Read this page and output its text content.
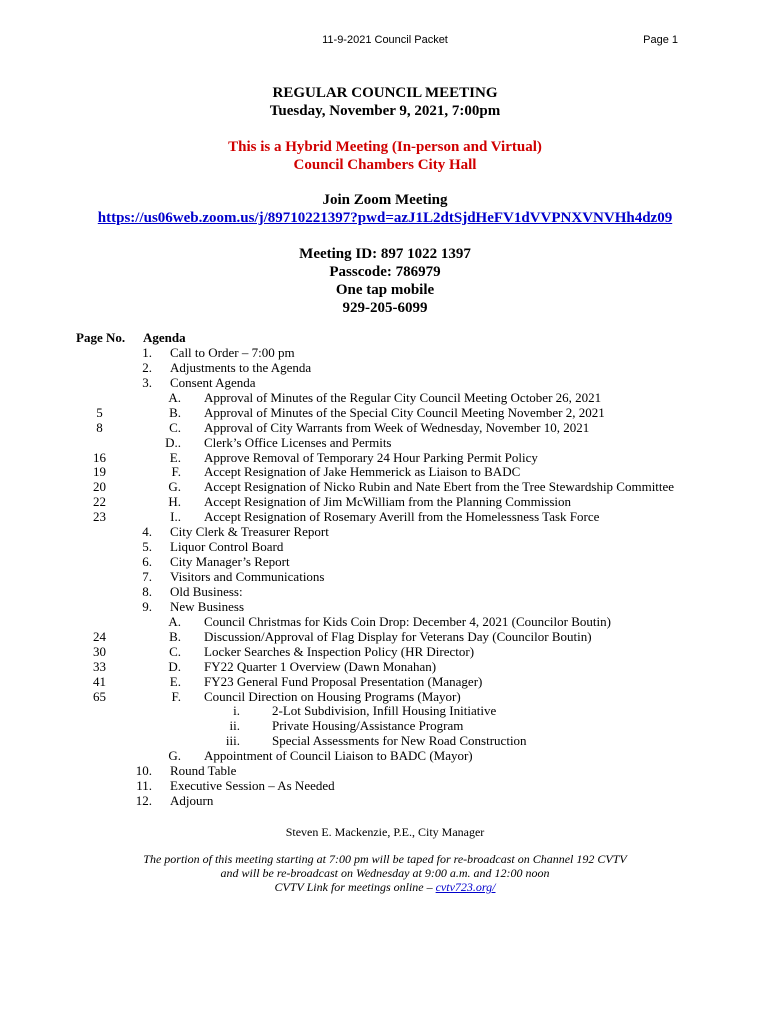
11-9-2021 Council Packet	Page 1
REGULAR COUNCIL MEETING
Tuesday, November 9, 2021, 7:00pm
This is a Hybrid Meeting (In-person and Virtual)
Council Chambers City Hall
Join Zoom Meeting
https://us06web.zoom.us/j/89710221397?pwd=azJ1L2dtSjdHeFV1dVVPNXVNVHh4dz09
Meeting ID: 897 1022 1397
Passcode: 786979
One tap mobile
929-205-6099
Page No. Agenda
1. Call to Order – 7:00 pm
2. Adjustments to the Agenda
3. Consent Agenda
A. Approval of Minutes of the Regular City Council Meeting October 26, 2021
5	B. Approval of Minutes of the Special City Council Meeting November 2, 2021
8	C. Approval of City Warrants from Week of Wednesday, November 10, 2021
D.. Clerk’s Office Licenses and Permits
16	E. Approve Removal of Temporary 24 Hour Parking Permit Policy
19	F. Accept Resignation of Jake Hemmerick as Liaison to BADC
20	G. Accept Resignation of Nicko Rubin and Nate Ebert from the Tree Stewardship Committee
22	H. Accept Resignation of Jim McWilliam from the Planning Commission
23	I.. Accept Resignation of Rosemary Averill from the Homelessness Task Force
4. City Clerk & Treasurer Report
5. Liquor Control Board
6. City Manager’s Report
7. Visitors and Communications
8. Old Business:
9. New Business
A. Council Christmas for Kids Coin Drop: December 4, 2021 (Councilor Boutin)
24	B. Discussion/Approval of Flag Display for Veterans Day (Councilor Boutin)
30	C. Locker Searches & Inspection Policy (HR Director)
33	D. FY22 Quarter 1 Overview (Dawn Monahan)
41	E. FY23 General Fund Proposal Presentation (Manager)
65	F. Council Direction on Housing Programs (Mayor)
i. 2-Lot Subdivision, Infill Housing Initiative
ii. Private Housing/Assistance Program
iii. Special Assessments for New Road Construction
G. Appointment of Council Liaison to BADC (Mayor)
10. Round Table
11. Executive Session – As Needed
12. Adjourn
Steven E. Mackenzie, P.E., City Manager
The portion of this meeting starting at 7:00 pm will be taped for re-broadcast on Channel 192 CVTV
and will be re-broadcast on Wednesday at 9:00 a.m. and 12:00 noon
CVTV Link for meetings online – cvtv723.org/
